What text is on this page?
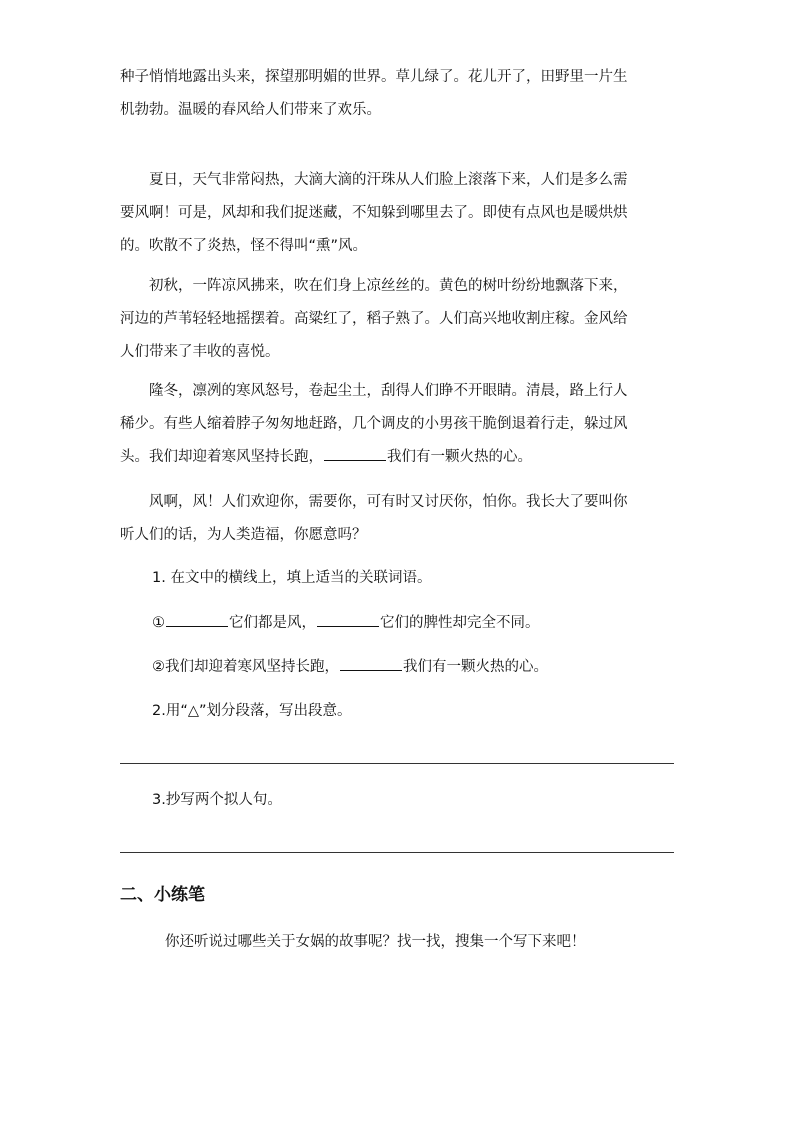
种子悄悄地露出头来，探望那明媚的世界。草儿绿了。花儿开了，田野里一片生
机勃勃。温暖的春风给人们带来了欢乐。
　　夏日，天气非常闷热，大滴大滴的汗珠从人们脸上滚落下来，人们是多么需
要风啊！可是，风却和我们捉迷藏，不知躲到哪里去了。即使有点风也是暖烘烘
的。吹散不了炎热，怪不得叫“熏”风。
　　初秋，一阵凉风拂来，吹在们身上凉丝丝的。黄色的树叶纷纷地飘落下来，
河边的芦苇轻轻地摇摆着。高粱红了，稻子熟了。人们高兴地收割庄稼。金风给
人们带来了丰收的喜悦。
　　隆冬，凛冽的寒风怒号，卷起尘土，刮得人们睁不开眼睛。清晨，路上行人
稀少。有些人缩着脖子匆匆地赶路，几个调皮的小男孩干脆倒退着行走，躲过风
头。我们却迎着寒风坚持长跑，	我们有一颗火热的心。
　　风啊，风！人们欢迎你，需要你，可有时又讨厌你，怕你。我长大了要叫你
听人们的话，为人类造福，你愿意吗？

1. 在文中的横线上，填上适当的关联词语。

①	它们都是风，	它们的脾性却完全不同。

②我们却迎着寒风坚持长跑，	我们有一颗火热的心。

2.用“△”划分段落，写出段意。

3.抄写两个拟人句。

二、小练笔

你还听说过哪些关于女娲的故事呢？找一找，搜集一个写下来吧！
